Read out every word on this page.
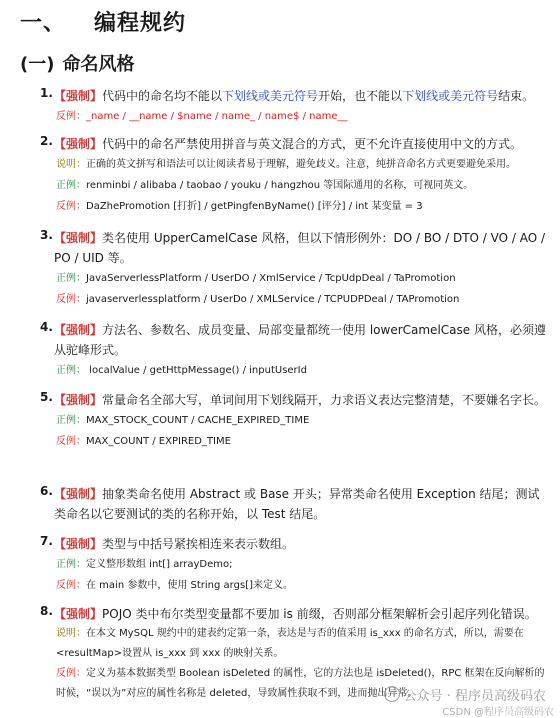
一、 编程规约
(一) 命名风格
1. 【强制】代码中的命名均不能以下划线或美元符号开始，也不能以下划线或美元符号结束。
反例：_name / __name / $name / name_ / name$ / name__
2. 【强制】代码中的命名严禁使用拼音与英文混合的方式，更不允许直接使用中文的方式。
说明：正确的英文拼写和语法可以让阅读者易于理解，避免歧义。注意，纯拼音命名方式更要避免采用。
正例：renminbi / alibaba / taobao / youku / hangzhou 等国际通用的名称，可视同英文。
反例：DaZhePromotion [打折] / getPingfenByName() [评分] / int 某变量 = 3
3. 【强制】类名使用 UpperCamelCase 风格，但以下情形例外：DO / BO / DTO / VO / AO / PO / UID 等。
正例：JavaServerlessPlatform / UserDO / XmlService / TcpUdpDeal / TaPromotion
反例：javaserverlessplatform / UserDo / XMLService / TCPUDPDeal / TAPromotion
4. 【强制】方法名、参数名、成员变量、局部变量都统一使用 lowerCamelCase 风格，必须遵从驼峰形式。
正例： localValue / getHttpMessage() / inputUserId
5. 【强制】常量命名全部大写，单词间用下划线隔开，力求语义表达完整清楚，不要嫌名字长。
正例：MAX_STOCK_COUNT / CACHE_EXPIRED_TIME
反例：MAX_COUNT / EXPIRED_TIME
6. 【强制】抽象类命名使用 Abstract 或 Base 开头；异常类命名使用 Exception 结尾；测试类命名以它要测试的类的名称开始，以 Test 结尾。
7. 【强制】类型与中括号紧挨相连来表示数组。
正例：定义整形数组 int[] arrayDemo;
反例：在 main 参数中，使用 String args[]来定义。
8. 【强制】POJO 类中布尔类型变量都不要加 is 前缀，否则部分框架解析会引起序列化错误。
说明：在本文 MySQL 规约中的建表约定第一条，表达是与否的值采用 is_xxx 的命名方式，所以，需要在<resultMap>设置从 is_xxx 到 xxx 的映射关系。
反例：定义为基本数据类型 Boolean isDeleted 的属性，它的方法也是 isDeleted()，RPC 框架在反向解析的时候，“误以为”对应的属性名称是 deleted，导致属性获取不到，进而抛出异常。
公众号 · 程序员高级码农
CSDN @程序员高级码农
